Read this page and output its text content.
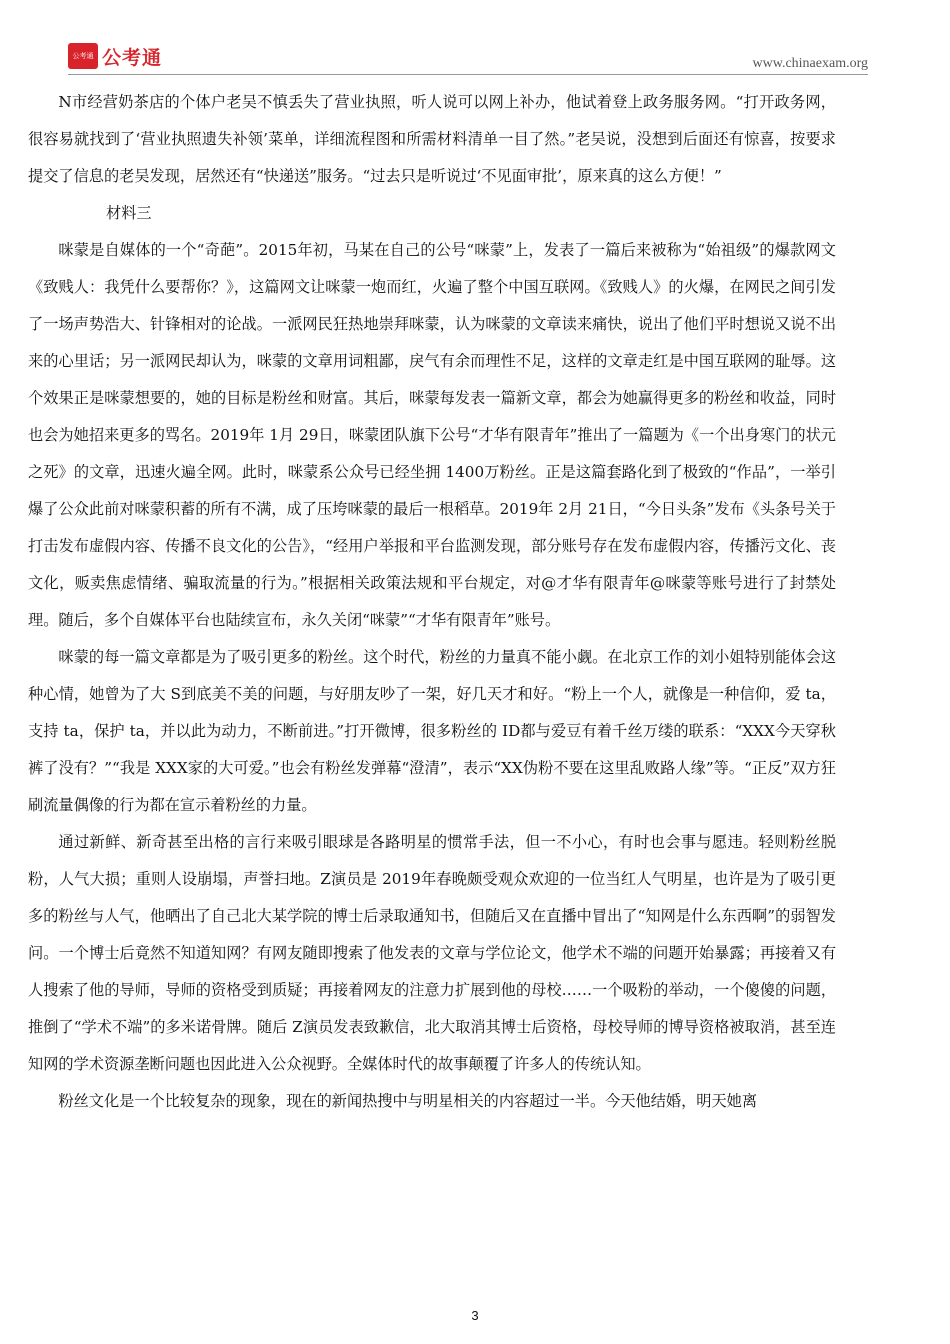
公考通 公考通	www.chinaexam.org

N市经营奶茶店的个体户老吴不慎丢失了营业执照，听人说可以网上补办，他试着登上政务服务网。“打开政务网，很容易就找到了‘营业执照遗失补领’菜单，详细流程图和所需材料清单一目了然。”老吴说，没想到后面还有惊喜，按要求提交了信息的老吴发现，居然还有“快递送”服务。“过去只是听说过‘不见面审批’，原来真的这么方便！”

材料三

咪蒙是自媒体的一个“奇葩”。2015年初，马某在自己的公号“咪蒙”上，发表了一篇后来被称为“始祖级”的爆款网文《致贱人：我凭什么要帮你？》，这篇网文让咪蒙一炮而红，火遍了整个中国互联网。《致贱人》的火爆，在网民之间引发了一场声势浩大、针锋相对的论战。一派网民狂热地崇拜咪蒙，认为咪蒙的文章读来痛快，说出了他们平时想说又说不出来的心里话；另一派网民却认为，咪蒙的文章用词粗鄙，戾气有余而理性不足，这样的文章走红是中国互联网的耻辱。这个效果正是咪蒙想要的，她的目标是粉丝和财富。其后，咪蒙每发表一篇新文章，都会为她赢得更多的粉丝和收益，同时也会为她招来更多的骂名。2019年 1月 29日，咪蒙团队旗下公号“才华有限青年”推出了一篇题为《一个出身寒门的状元之死》的文章，迅速火遍全网。此时，咪蒙系公众号已经坐拥 1400万粉丝。正是这篇套路化到了极致的“作品”，一举引爆了公众此前对咪蒙积蓄的所有不满，成了压垮咪蒙的最后一根稻草。2019年 2月 21日，“今日头条”发布《头条号关于打击发布虚假内容、传播不良文化的公告》，“经用户举报和平台监测发现，部分账号存在发布虚假内容，传播污文化、丧文化，贩卖焦虑情绪、骗取流量的行为。”根据相关政策法规和平台规定，对@才华有限青年@咪蒙等账号进行了封禁处理。随后，多个自媒体平台也陆续宣布，永久关闭“咪蒙”“才华有限青年”账号。

咪蒙的每一篇文章都是为了吸引更多的粉丝。这个时代，粉丝的力量真不能小觑。在北京工作的刘小姐特别能体会这种心情，她曾为了大 S到底美不美的问题，与好朋友吵了一架，好几天才和好。“粉上一个人，就像是一种信仰，爱 ta，支持 ta，保护 ta，并以此为动力，不断前进。”打开微博，很多粉丝的 ID都与爱豆有着千丝万缕的联系：“XXX今天穿秋裤了没有？”“我是 XXX家的大可爱。”也会有粉丝发弹幕“澄清”，表示“XX伪粉不要在这里乱败路人缘”等。“正反”双方狂刷流量偶像的行为都在宣示着粉丝的力量。

通过新鲜、新奇甚至出格的言行来吸引眼球是各路明星的惯常手法，但一不小心，有时也会事与愿违。轻则粉丝脱粉，人气大损；重则人设崩塌，声誉扫地。Z演员是 2019年春晚颇受观众欢迎的一位当红人气明星，也许是为了吸引更多的粉丝与人气，他晒出了自己北大某学院的博士后录取通知书，但随后又在直播中冒出了“知网是什么东西啊”的弱智发问。一个博士后竟然不知道知网？有网友随即搜索了他发表的文章与学位论文，他学术不端的问题开始暴露；再接着又有人搜索了他的导师，导师的资格受到质疑；再接着网友的注意力扩展到他的母校……一个吸粉的举动，一个傻傻的问题，推倒了“学术不端”的多米诺骨牌。随后 Z演员发表致歉信，北大取消其博士后资格，母校导师的博导资格被取消，甚至连知网的学术资源垄断问题也因此进入公众视野。全媒体时代的故事颠覆了许多人的传统认知。

粉丝文化是一个比较复杂的现象，现在的新闻热搜中与明星相关的内容超过一半。今天他结婚，明天她离

3
